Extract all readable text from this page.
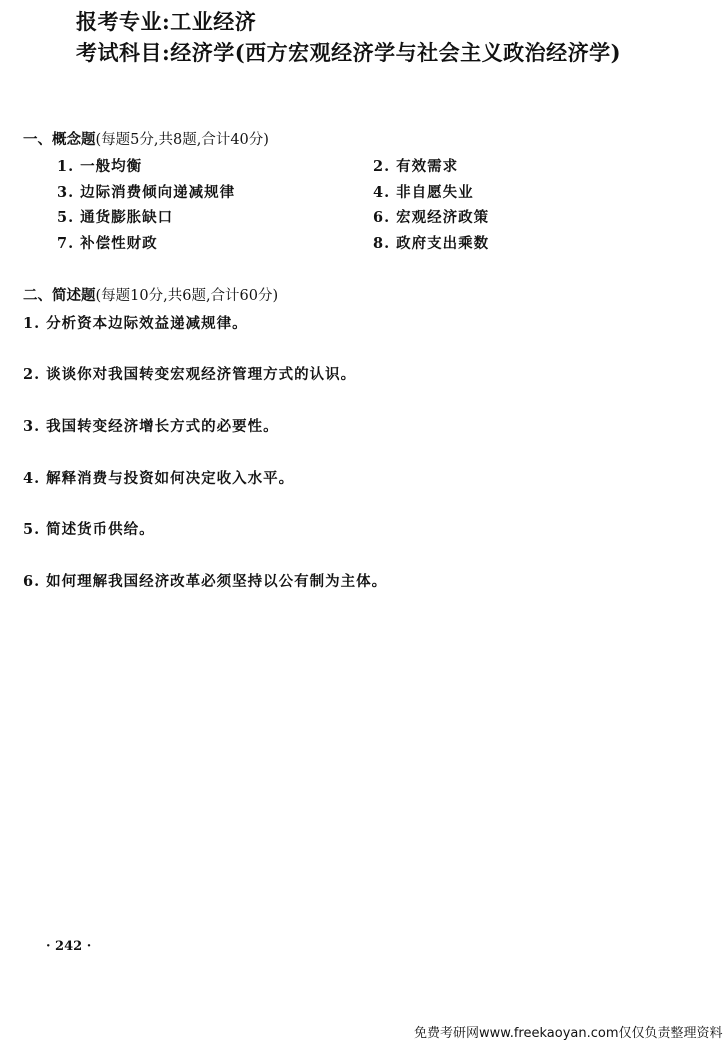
报考专业:工业经济
考试科目:经济学(西方宏观经济学与社会主义政治经济学)
一、概念题(每题5分,共8题,合计40分)
1. 一般均衡	2. 有效需求
3. 边际消费倾向递减规律	4. 非自愿失业
5. 通货膨胀缺口	6. 宏观经济政策
7. 补偿性财政	8. 政府支出乘数
二、简述题(每题10分,共6题,合计60分)
1. 分析资本边际效益递减规律。
2. 谈谈你对我国转变宏观经济管理方式的认识。
3. 我国转变经济增长方式的必要性。
4. 解释消费与投资如何决定收入水平。
5. 简述货币供给。
6. 如何理解我国经济改革必须坚持以公有制为主体。
· 242 ·
免费考研网www.freekaoyan.com仅仅负责整理资料
